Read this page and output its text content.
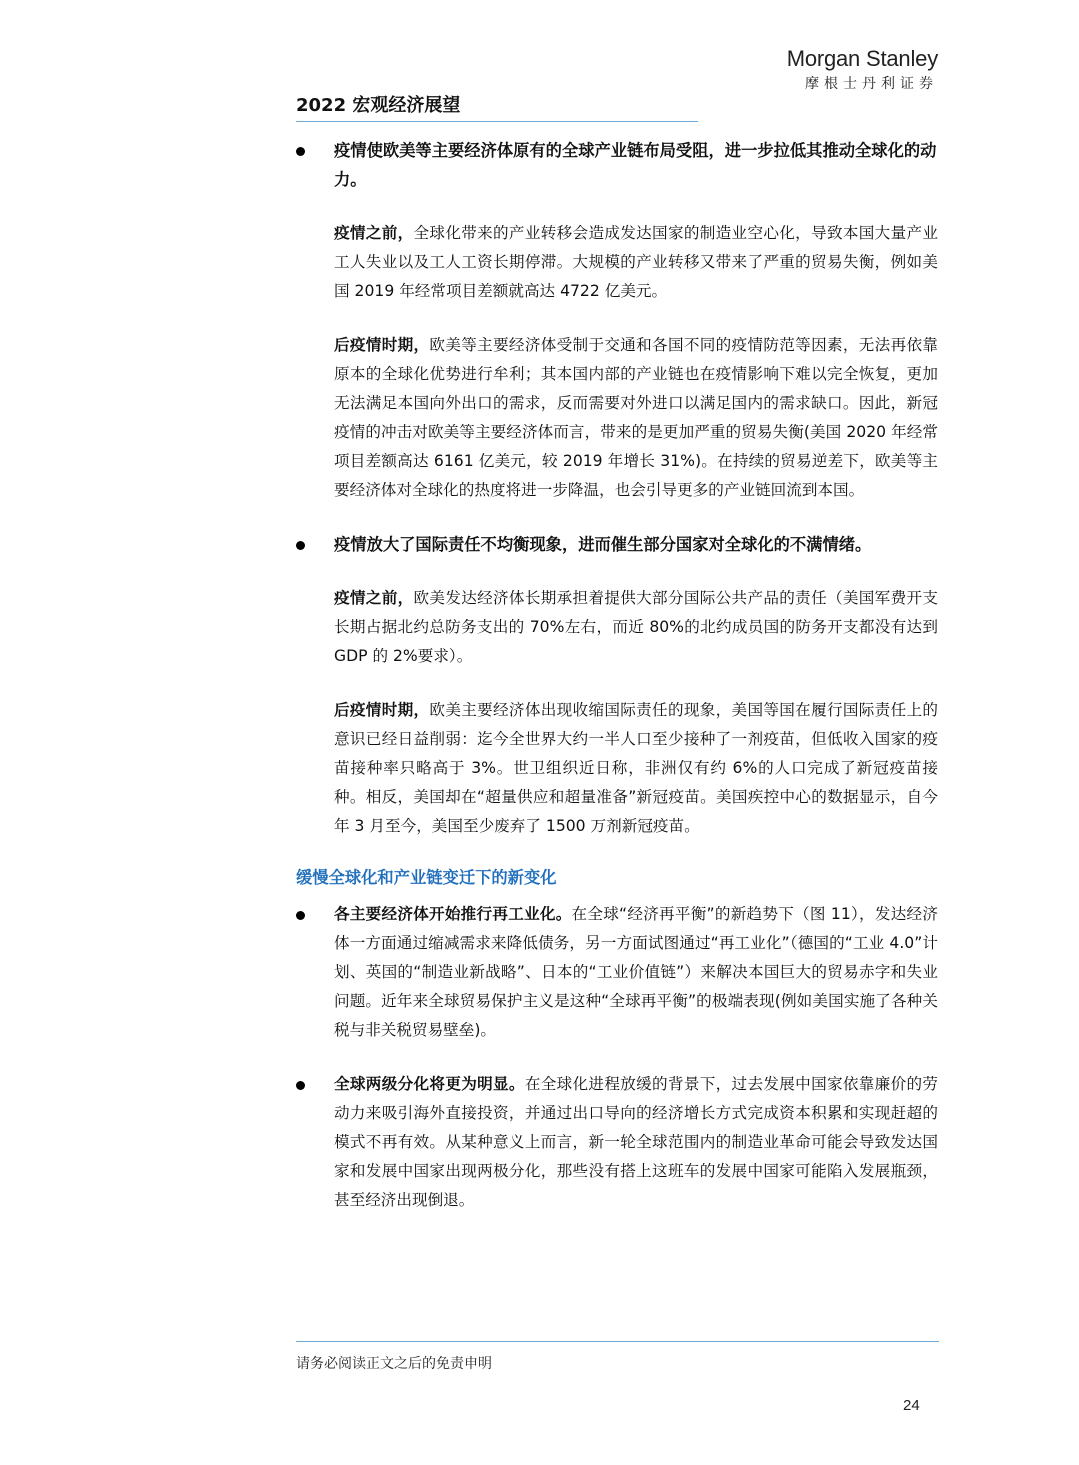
Morgan Stanley
摩根士丹利证券
2022 宏观经济展望
疫情使欧美等主要经济体原有的全球产业链布局受阻，进一步拉低其推动全球化的动力。
疫情之前，全球化带来的产业转移会造成发达国家的制造业空心化，导致本国大量产业工人失业以及工人工资长期停滞。大规模的产业转移又带来了严重的贸易失衡，例如美国 2019 年经常项目差额就高达 4722 亿美元。
后疫情时期，欧美等主要经济体受制于交通和各国不同的疫情防范等因素，无法再依靠原本的全球化优势进行牟利；其本国内部的产业链也在疫情影响下难以完全恢复，更加无法满足本国向外出口的需求，反而需要对外进口以满足国内的需求缺口。因此，新冠疫情的冲击对欧美等主要经济体而言，带来的是更加严重的贸易失衡(美国 2020 年经常项目差额高达 6161 亿美元，较 2019 年增长 31%)。在持续的贸易逆差下，欧美等主要经济体对全球化的热度将进一步降温，也会引导更多的产业链回流到本国。
疫情放大了国际责任不均衡现象，进而催生部分国家对全球化的不满情绪。
疫情之前，欧美发达经济体长期承担着提供大部分国际公共产品的责任（美国军费开支长期占据北约总防务支出的 70%左右，而近 80%的北约成员国的防务开支都没有达到 GDP 的 2%要求）。
后疫情时期，欧美主要经济体出现收缩国际责任的现象，美国等国在履行国际责任上的意识已经日益削弱：迄今全世界大约一半人口至少接种了一剂疫苗，但低收入国家的疫苗接种率只略高于 3%。世卫组织近日称，非洲仅有约 6%的人口完成了新冠疫苗接种。相反，美国却在“超量供应和超量准备”新冠疫苗。美国疾控中心的数据显示，自今年 3 月至今，美国至少废弃了 1500 万剂新冠疫苗。
缓慢全球化和产业链变迁下的新变化
各主要经济体开始推行再工业化。在全球“经济再平衡”的新趋势下（图 11），发达经济体一方面通过缩减需求来降低债务，另一方面试图通过“再工业化”（德国的“工业 4.0”计划、英国的“制造业新战略”、日本的“工业价值链”）来解决本国巨大的贸易赤字和失业问题。近年来全球贸易保护主义是这种“全球再平衡”的极端表现(例如美国实施了各种关税与非关税贸易壁垒)。
全球两级分化将更为明显。在全球化进程放缓的背景下，过去发展中国家依靠廉价的劳动力来吸引海外直接投资，并通过出口导向的经济增长方式完成资本积累和实现赶超的模式不再有效。从某种意义上而言，新一轮全球范围内的制造业革命可能会导致发达国家和发展中国家出现两极分化，那些没有搭上这班车的发展中国家可能陷入发展瓶颈，甚至经济出现倒退。
请务必阅读正文之后的免责申明
24
